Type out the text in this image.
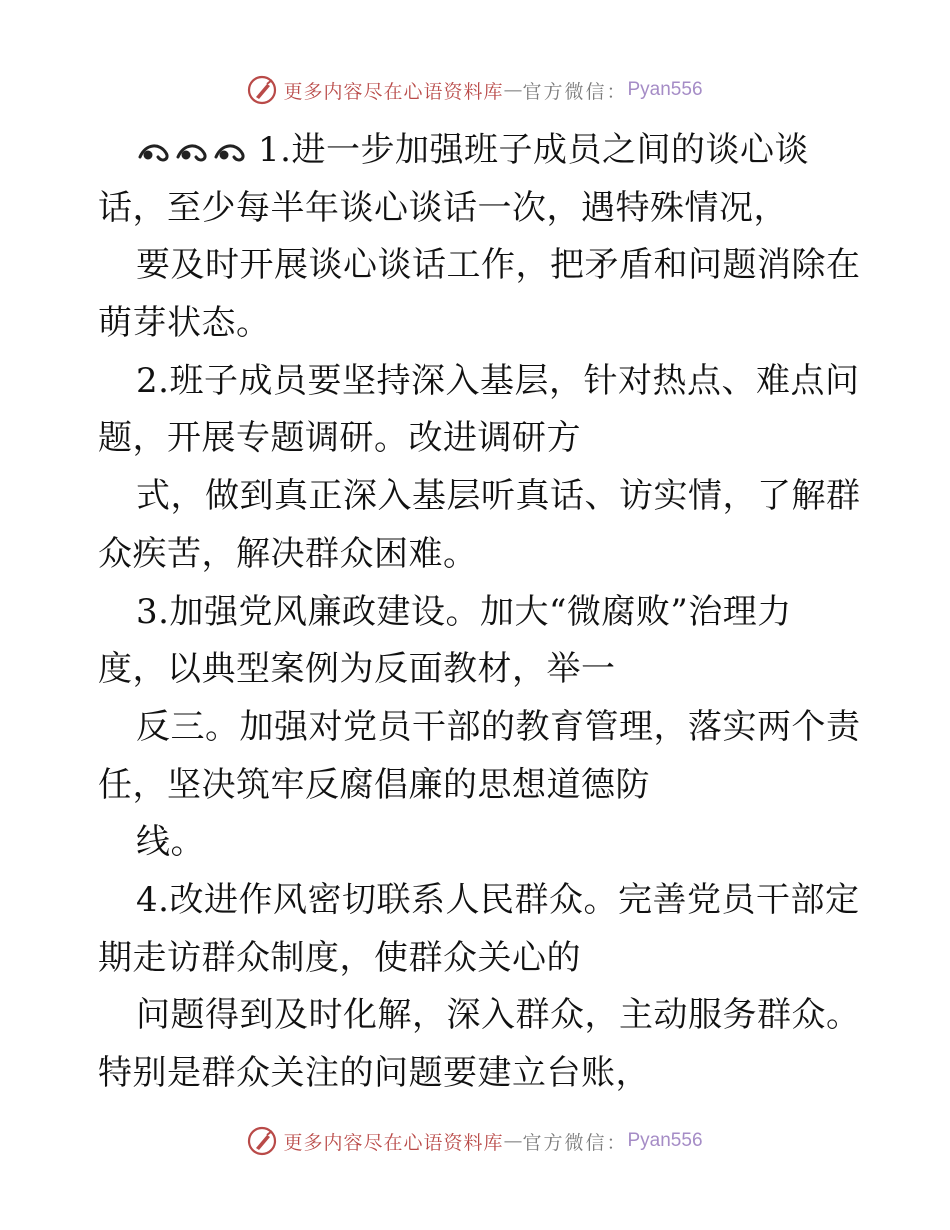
更多内容尽在心语资料库 — 官方微信： Pyan556
1.进一步加强班子成员之间的谈心谈
话，至少每半年谈心谈话一次，遇特殊情况，
要及时开展谈心谈话工作，把矛盾和问题消除在
萌芽状态。
2.班子成员要坚持深入基层，针对热点、难点问
题，开展专题调研。改进调研方
式，做到真正深入基层听真话、访实情，了解群
众疾苦，解决群众困难。
3.加强党风廉政建设。加大“微腐败”治理力
度，以典型案例为反面教材，举一
反三。加强对党员干部的教育管理，落实两个责
任，坚决筑牢反腐倡廉的思想道德防
线。
4.改进作风密切联系人民群众。完善党员干部定
期走访群众制度，使群众关心的
问题得到及时化解，深入群众，主动服务群众。
特别是群众关注的问题要建立台账，
更多内容尽在心语资料库 — 官方微信： Pyan556
